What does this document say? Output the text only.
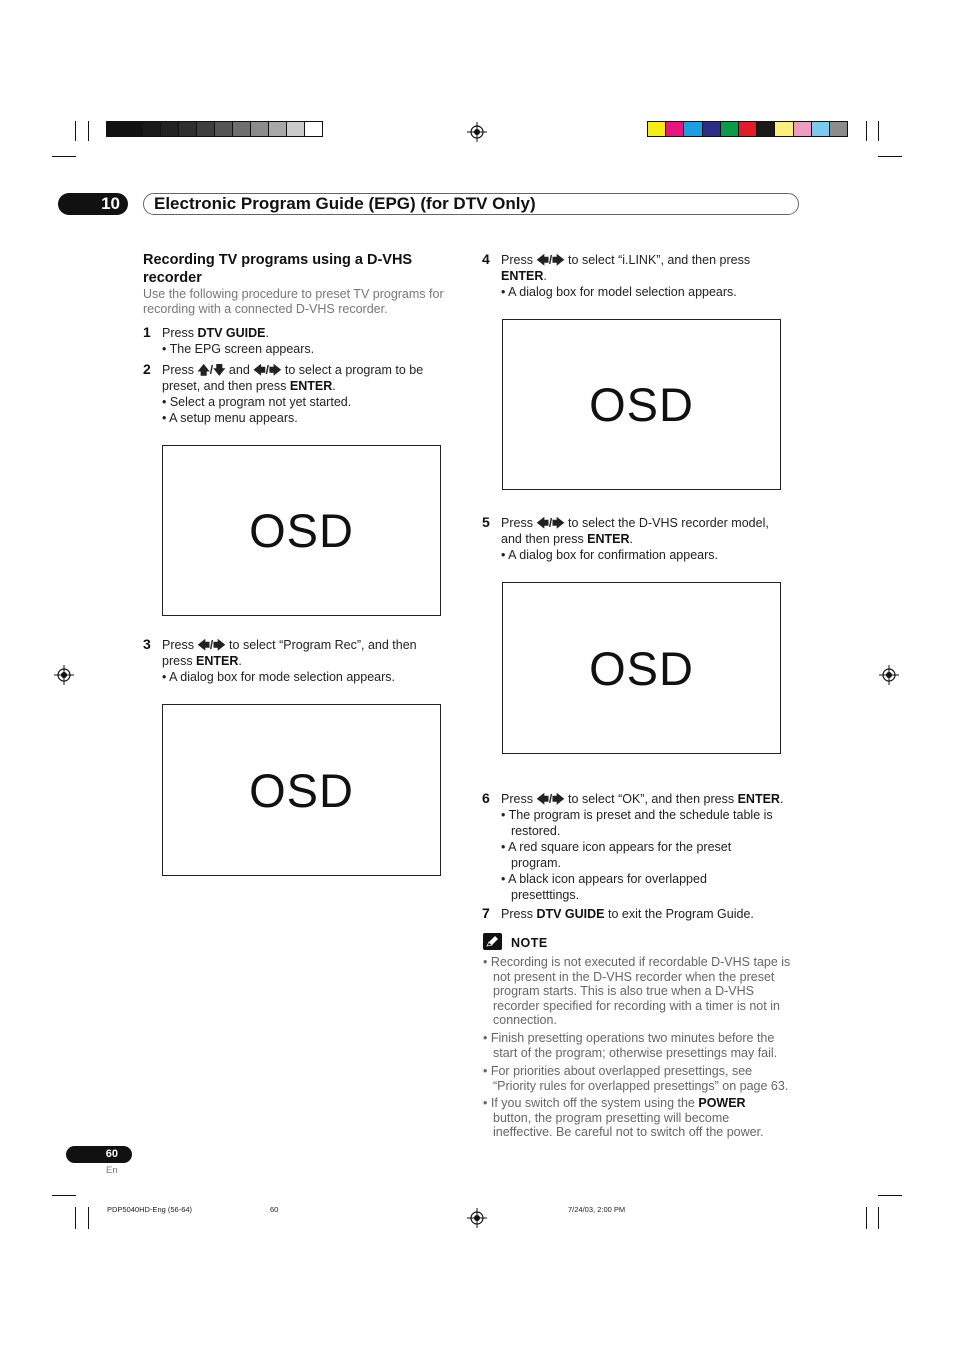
10	Electronic Program Guide (EPG) (for DTV Only)
Recording TV programs using a D-VHS
recorder
Use the following procedure to preset TV programs for
recording with a connected D-VHS recorder.
1 Press DTV GUIDE.
• The EPG screen appears.
2 Press 🡅/🡇 and 🡄/🡆 to select a program to be
preset, and then press ENTER.
• Select a program not yet started.
• A setup menu appears.
OSD
3 Press 🡄/🡆 to select “Program Rec”, and then
press ENTER.
• A dialog box for mode selection appears.
OSD
4 Press 🡄/🡆 to select “i.LINK”, and then press
ENTER.
• A dialog box for model selection appears.
OSD
5 Press 🡄/🡆 to select the D-VHS recorder model,
and then press ENTER.
• A dialog box for confirmation appears.
OSD
6 Press 🡄/🡆 to select “OK”, and then press ENTER.
• The program is preset and the schedule table is
restored.
• A red square icon appears for the preset
program.
• A black icon appears for overlapped
presetttings.
7 Press DTV GUIDE to exit the Program Guide.
NOTE
• Recording is not executed if recordable D-VHS tape is
not present in the D-VHS recorder when the preset
program starts. This is also true when a D-VHS
recorder specified for recording with a timer is not in
connection.
• Finish presetting operations two minutes before the
start of the program; otherwise presettings may fail.
• For priorities about overlapped presettings, see
“Priority rules for overlapped presettings” on page 63.
• If you switch off the system using the POWER
button, the program presetting will become
ineffective. Be careful not to switch off the power.
60
En
PDP5040HD-Eng (56-64)	60	7/24/03, 2:00 PM
